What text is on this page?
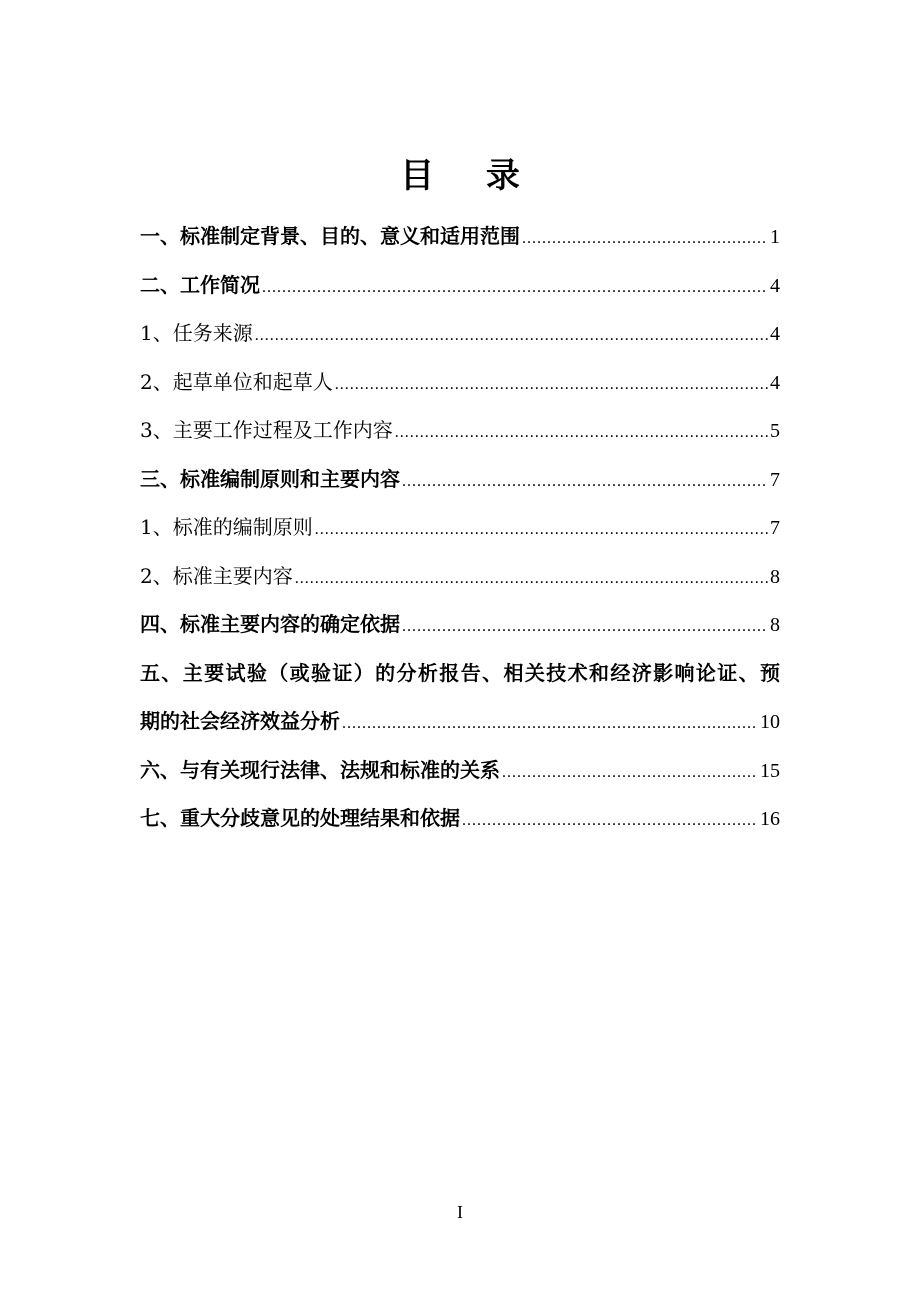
目 录
一、标准制定背景、目的、意义和适用范围 .....	1
二、工作简况 .....	4
1、任务来源 .....	4
2、起草单位和起草人 .....	4
3、主要工作过程及工作内容 .....	5
三、标准编制原则和主要内容 .....	7
1、标准的编制原则 .....	7
2、标准主要内容 .....	8
四、标准主要内容的确定依据 .....	8
五、主要试验（或验证）的分析报告、相关技术和经济影响论证、预
期的社会经济效益分析 .....	10
六、与有关现行法律、法规和标准的关系 .....	15
七、重大分歧意见的处理结果和依据 .....	16
I
